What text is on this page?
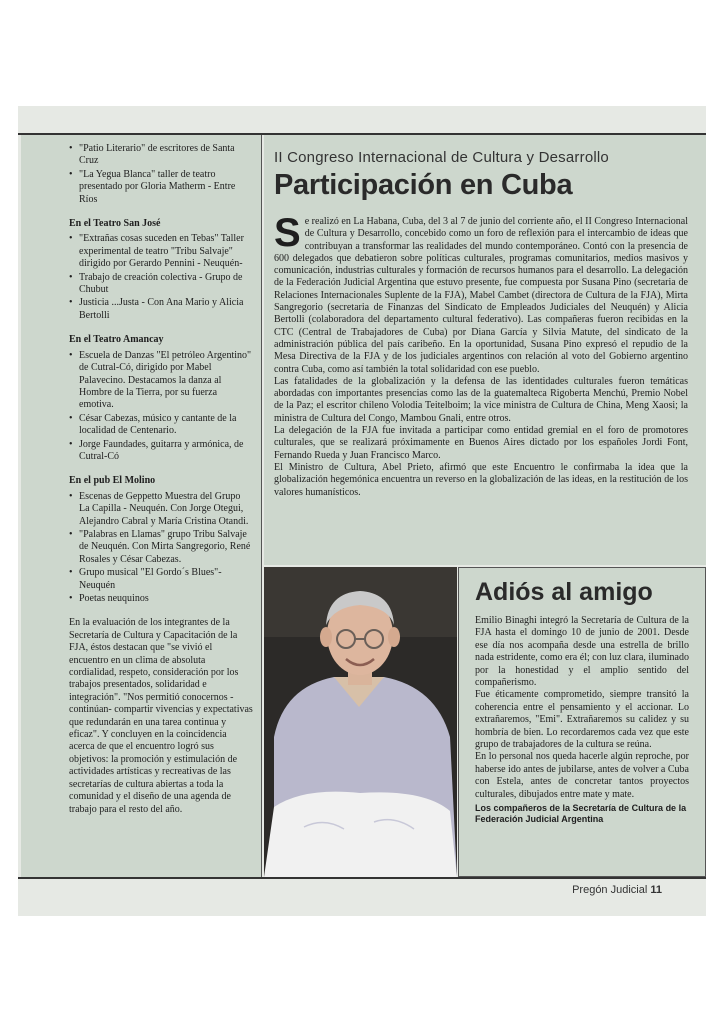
• "Patio Literario" de escritores de Santa Cruz
• "La Yegua Blanca" taller de teatro presentado por Gloria Matherm - Entre Ríos
En el Teatro San José
• "Extrañas cosas suceden en Tebas" Taller experimental de teatro "Tribu Salvaje" dirigido por Gerardo Pennini - Neuquén-
• Trabajo de creación colectiva - Grupo de Chubut
• Justicia ...Justa - Con Ana Mario y Alicia Bertolli
En el Teatro Amancay
• Escuela de Danzas "El petróleo Argentino" de Cutral-Có, dirigido por Mabel Palavecino. Destacamos la danza al Hombre de la Tierra, por su fuerza emotiva.
• César Cabezas, músico y cantante de la localidad de Centenario.
• Jorge Faundades, guitarra y armónica, de Cutral-Có
En el pub El Molino
• Escenas de Geppetto Muestra del Grupo La Capilla - Neuquén. Con Jorge Otegui, Alejandro Cabral y María Cristina Otandi.
• "Palabras en Llamas" grupo Tribu Salvaje de Neuquén. Con Mirta Sangregorio, René Rosales y César Cabezas.
• Grupo musical "El Gordo´s Blues"- Neuquén
• Poetas neuquinos

En la evaluación de los integrantes de la Secretaría de Cultura y Capacitación de la FJA, éstos destacan que "se vivió el encuentro en un clima de absoluta cordialidad, respeto, consideración por los trabajos presentados, solidaridad e integración". "Nos permitió conocernos -continúan- compartir vivencias y expectativas que redundarán en una tarea continua y eficaz". Y concluyen en la coincidencia acerca de que el encuentro logró sus objetivos: la promoción y estimulación de actividades artísticas y recreativas de las secretarías de cultura abiertas a toda la comunidad y el diseño de una agenda de trabajo para el resto del año.

II Congreso Internacional de Cultura y Desarrollo
Participación en Cuba

Se realizó en La Habana, Cuba, del 3 al 7 de junio del corriente año, el II Congreso Internacional de Cultura y Desarrollo, concebido como un foro de reflexión para el intercambio de ideas que contribuyan a transformar las realidades del mundo contemporáneo. Contó con la presencia de 600 delegados que debatieron sobre políticas culturales, programas comunitarios, medios masivos y comunicación, industrias culturales y formación de recursos humanos para el desarrollo. La delegación de la Federación Judicial Argentina que estuvo presente, fue compuesta por Susana Pino (secretaria de Relaciones Internacionales Suplente de la FJA), Mabel Cambet (directora de Cultura de la FJA), Mirta Sangregorio (secretaria de Finanzas del Sindicato de Empleados Judiciales del Neuquén) y Alicia Bertolli (colaboradora del departamento cultural federativo). Las compañeras fueron recibidas en la CTC (Central de Trabajadores de Cuba) por Diana García y Silvia Matute, del sindicato de la administración pública del país caribeño. En la oportunidad, Susana Pino expresó el repudio de la Mesa Directiva de la FJA y de los judiciales argentinos con relación al voto del Gobierno argentino contra Cuba, como así también la total solidaridad con ese pueblo.

Las fatalidades de la globalización y la defensa de las identidades culturales fueron temáticas abordadas con importantes presencias como las de la guatemalteca Rigoberta Menchú, Premio Nobel de la Paz; el escritor chileno Volodia Teitelboim; la vice ministra de Cultura de China, Meng Xaosi; la ministra de Cultura del Congo, Mambou Gnali, entre otros.

La delegación de la FJA fue invitada a participar como entidad gremial en el foro de promotores culturales, que se realizará próximamente en Buenos Aires dictado por los españoles Jordi Font, Fernando Rueda y Juan Francisco Marco.

El Ministro de Cultura, Abel Prieto, afirmó que este Encuentro le confirmaba la idea que la globalización hegemónica encuentra un reverso en la globalización de las ideas, en la restitución de los valores humanísticos.

Adiós al amigo

Emilio Binaghi integró la Secretaría de Cultura de la FJA hasta el domingo 10 de junio de 2001. Desde ese día nos acompaña desde una estrella de brillo nada estridente, como era él; con luz clara, iluminado por la honestidad y el amplio sentido del compañerismo.

Fue éticamente comprometido, siempre transitó la coherencia entre el pensamiento y el accionar. Lo extrañaremos, "Emi". Extrañaremos su calidez y su hombría de bien. Lo recordaremos cada vez que este grupo de trabajadores de la cultura se reúna.

En lo personal nos queda hacerle algún reproche, por haberse ido antes de jubilarse, antes de volver a Cuba con Estela, antes de concretar tantos proyectos culturales, dibujados entre mate y mate.

Los compañeros de la Secretaría de Cultura de la Federación Judicial Argentina
Pregón Judicial 11
